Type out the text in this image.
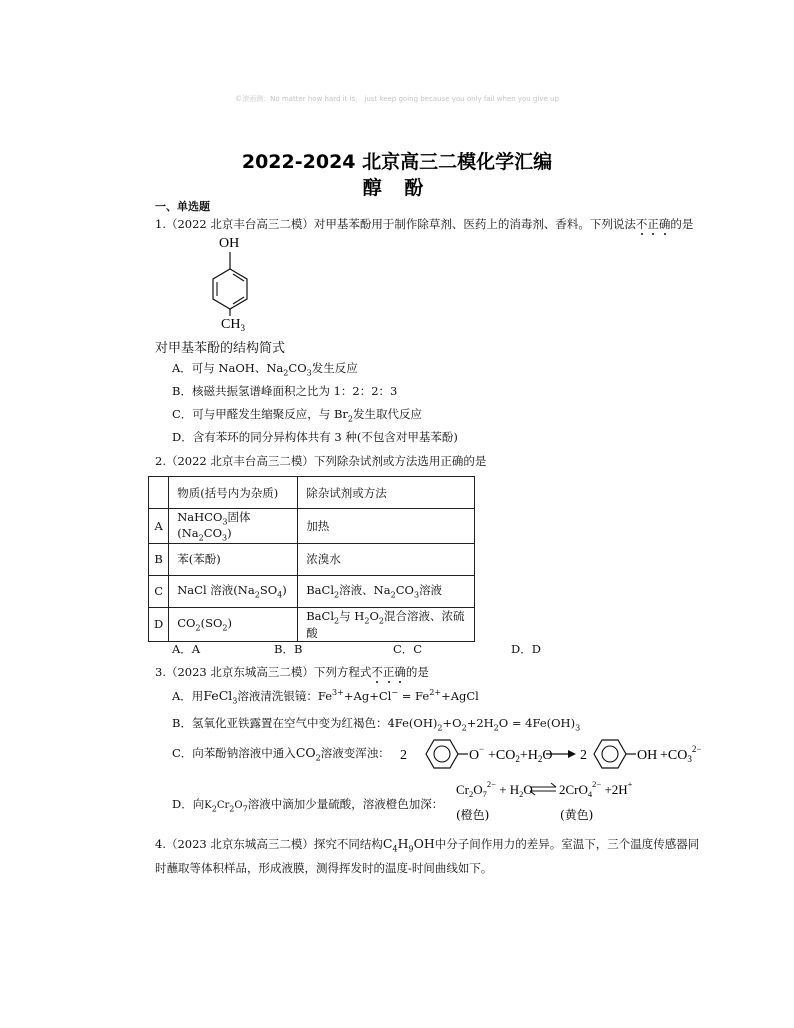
©滚雨测：No matter how hard it is， just keep going because you only fail when you give up
2022-2024 北京高三二模化学汇编
醇 酚
一、单选题
1.（2022 北京丰台高三二模）对甲基苯酚用于制作除草剂、医药上的消毒剂、香料。下列说法不正确的是
OH
$CH_3$
对甲基苯酚的结构简式
A．可与 NaOH、$Na_2CO_3$发生反应
B．核磁共振氢谱峰面积之比为 1：2：2：3
C．可与甲醛发生缩聚反应，与 $Br_2$发生取代反应
D．含有苯环的同分异构体共有 3 种(不包含对甲基苯酚)
2.（2022 北京丰台高三二模）下列除杂试剂或方法选用正确的是
	物质(括号内为杂质)	除杂试剂或方法
A	NaHCO$_3$固体$(Na_2CO_3)$	加热
B	苯(苯酚)	浓溴水
C	NaCl 溶液$(Na_2SO_4)$	BaCl$_2$溶液、$Na_2CO_3$溶液
D	$CO_2(SO_2)$	BaCl$_2$与 $H_2O_2$混合溶液、浓硫酸
A．A	B．B	C．C	D．D
3.（2023 北京东城高三二模）下列方程式不正确的是
A．用FeCl$_3$溶液清洗银镜：$Fe^{3+}+Ag+Cl^-$ = $Fe^{2+}+AgCl$
B．氢氧化亚铁露置在空气中变为红褐色：$4Fe(OH)_2+O_2+2H_2O = 4Fe(OH)_3$
C．向苯酚钠溶液中通入$CO_2$溶液变浑浊： 2	$O^- +CO_2+H_2O$ 2	OH $+CO_3^{2-}$
D．向$K_2Cr_2O_7$溶液中滴加少量硫酸，溶液橙色加深：
$Cr_2O_7^{2-} + H_2O$ 2CrO$_4^{2-}$ +2H+
(橙色)	(黄色)
4.（2023 北京东城高三二模）探究不同结构$C_4H_9OH$中分子间作用力的差异。室温下，三个温度传感器同
时蘸取等体积样品，形成液膜，测得挥发时的温度-时间曲线如下。
